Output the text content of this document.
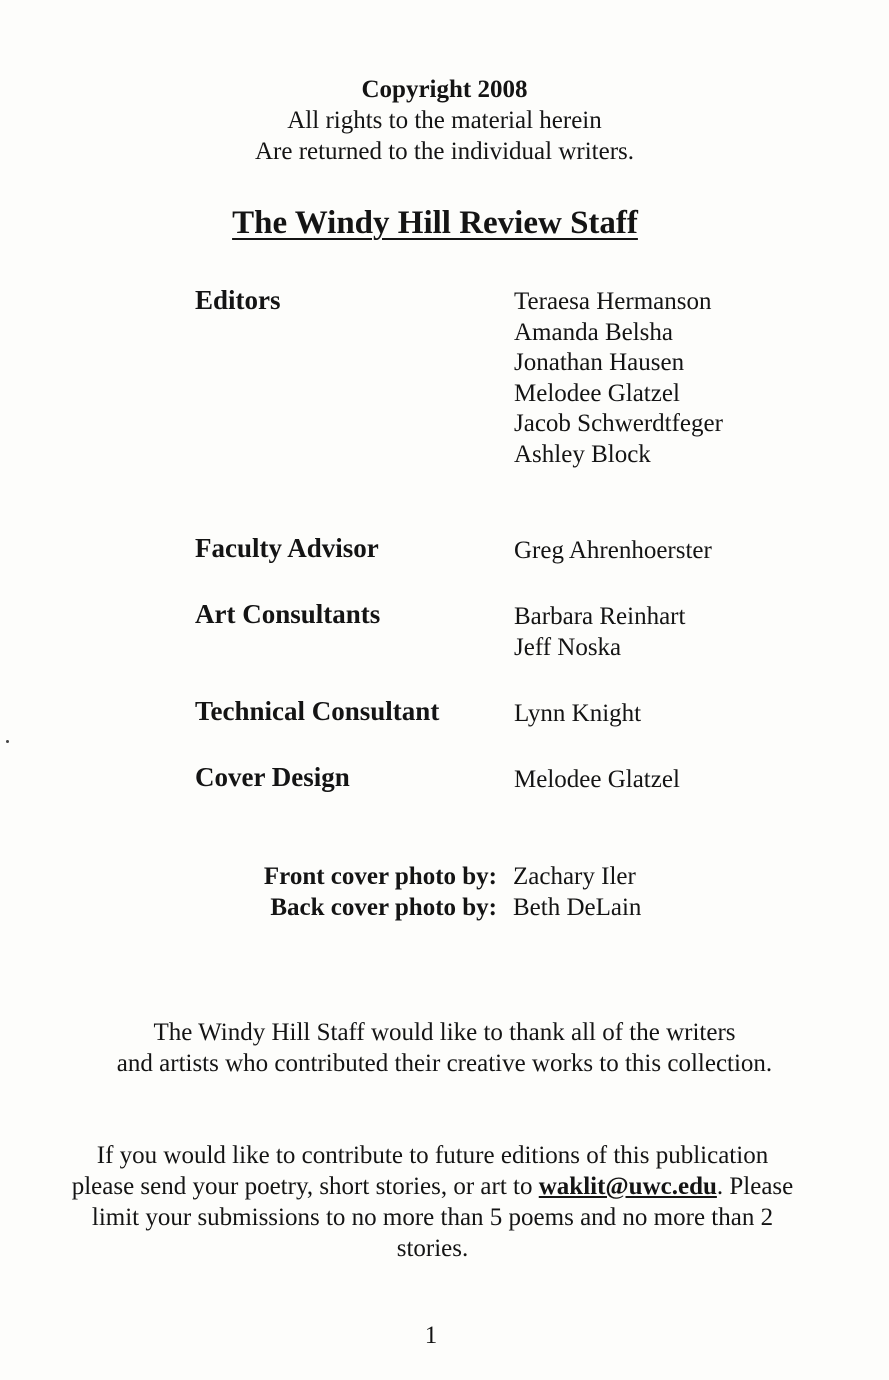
Copyright 2008
All rights to the material herein
Are returned to the individual writers.
The Windy Hill Review Staff
Editors	Teraesa Hermanson
Amanda Belsha
Jonathan Hausen
Melodee Glatzel
Jacob Schwerdtfeger
Ashley Block
Faculty Advisor	Greg Ahrenhoerster
Art Consultants	Barbara Reinhart
Jeff Noska
Technical Consultant	Lynn Knight
Cover Design	Melodee Glatzel
Front cover photo by: Zachary Iler
Back cover photo by: Beth DeLain
The Windy Hill Staff would like to thank all of the writers
and artists who contributed their creative works to this collection.
If you would like to contribute to future editions of this publication
please send your poetry, short stories, or art to waklit@uwc.edu. Please
limit your submissions to no more than 5 poems and no more than 2
stories.
1
